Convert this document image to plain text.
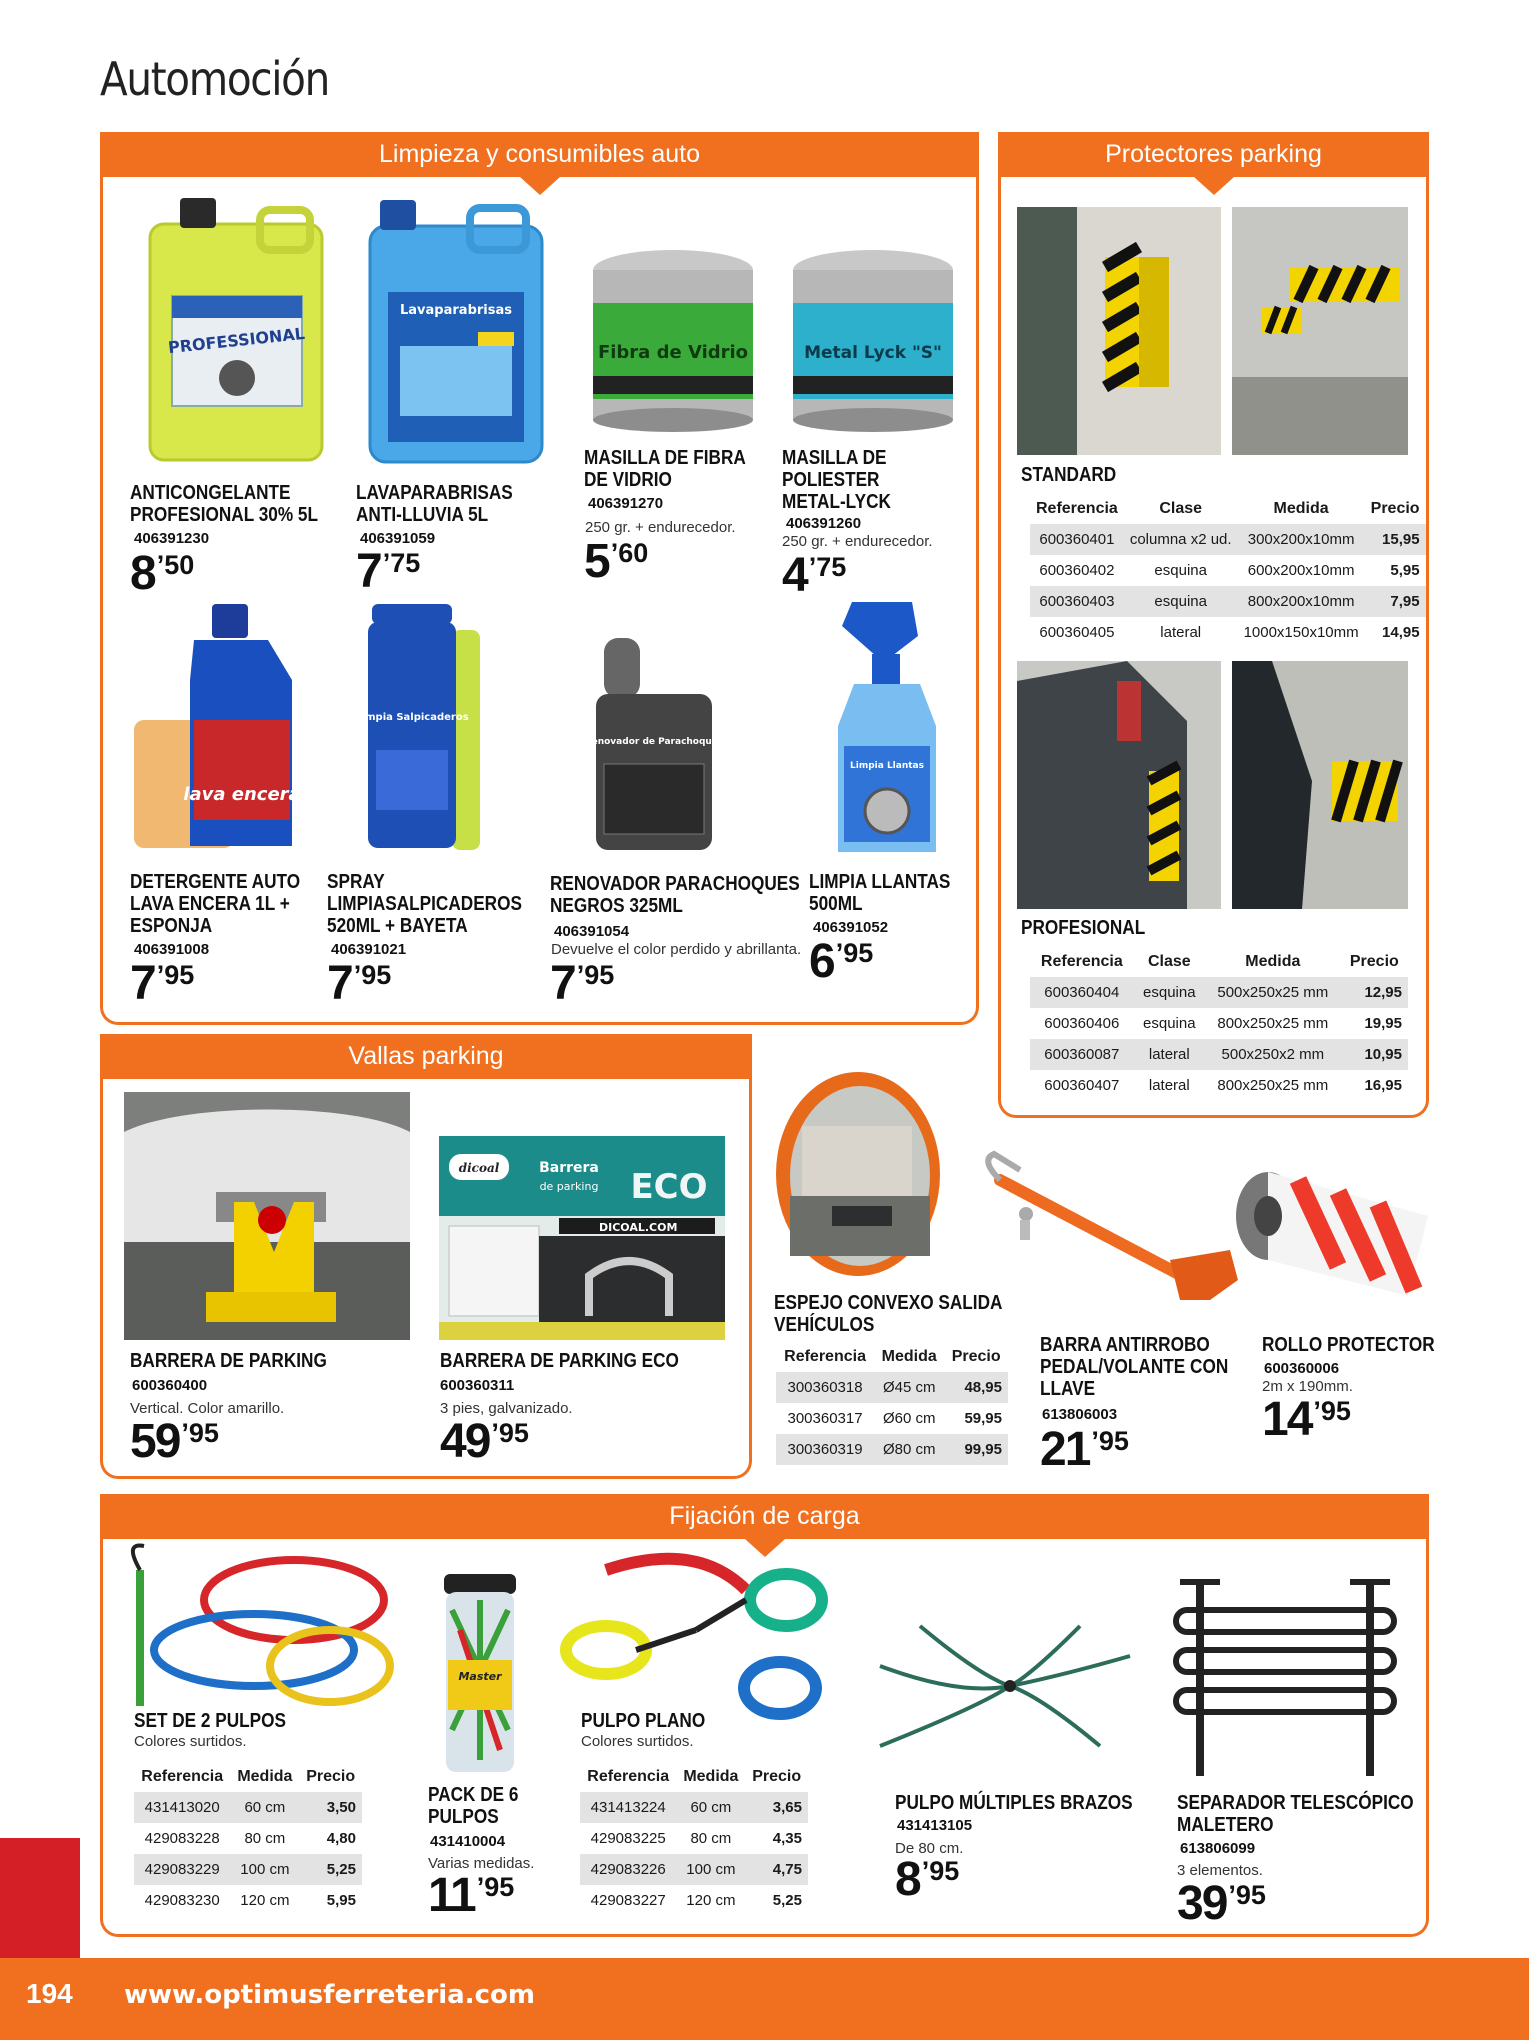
Automoción
Limpieza y consumibles auto
PROFESSIONAL
Lavaparabrisas
Fibra de Vidrio	Metal Lyck "S"
lava encera
Limpia Salpicaderos
Renovador de Parachoques
Limpia Llantas
ANTICONGELANTE
PROFESIONAL 30% 5L
406391230
8 ’50
LAVAPARABRISAS
ANTI-LLUVIA 5L
406391059
7 ’75
MASILLA DE FIBRA
DE VIDRIO
406391270
250 gr. + endurecedor.
5 ’60
MASILLA DE
POLIESTER
METAL-LYCK
406391260
250 gr. + endurecedor.
4 ’75
DETERGENTE AUTO
LAVA ENCERA 1L +
ESPONJA
406391008
7 ’95
SPRAY
LIMPIASALPICADEROS
520ML + BAYETA
406391021
7 ’95
RENOVADOR PARACHOQUES
NEGROS 325ML
406391054
Devuelve el color perdido y abrillanta.
7 ’95
LIMPIA LLANTAS
500ML
406391052
6 ’95
Protectores parking
STANDARD
Referencia	Clase	Medida	Precio
600360401	columna x2 ud.	300x200x10mm	15,95
600360402	esquina	600x200x10mm	5,95
600360403	esquina	800x200x10mm	7,95
600360405	lateral	1000x150x10mm	14,95
PROFESIONAL
Referencia	Clase	Medida	Precio
600360404	esquina	500x250x25 mm	12,95
600360406	esquina	800x250x25 mm	19,95
600360087	lateral	500x250x2 mm	10,95
600360407	lateral	800x250x25 mm	16,95
Vallas parking
dicoal	Barrera
de parking ECO
DICOAL.COM
BARRERA DE PARKING
600360400
Vertical. Color amarillo.
59 ’95
BARRERA DE PARKING ECO
600360311
3 pies, galvanizado.
49 ’95
ESPEJO CONVEXO SALIDA
VEHÍCULOS
Referencia	Medida	Precio
300360318	Ø45 cm	48,95
300360317	Ø60 cm	59,95
300360319	Ø80 cm	99,95
BARRA ANTIRROBO
PEDAL/VOLANTE CON
LLAVE
613806003
21 ’95
ROLLO PROTECTOR
600360006
2m x 190mm.
14 ’95
Fijación de carga
SET DE 2 PULPOS
Colores surtidos.
Referencia	Medida	Precio
431413020	60 cm	3,50
429083228	80 cm	4,80
429083229	100 cm	5,25
429083230	120 cm	5,95
Master
PACK DE 6
PULPOS
431410004
Varias medidas.
11 ’95
PULPO PLANO
Colores surtidos.
Referencia	Medida	Precio
431413224	60 cm	3,65
429083225	80 cm	4,35
429083226	100 cm	4,75
429083227	120 cm	5,25
PULPO MÚLTIPLES BRAZOS
431413105
De 80 cm.
8 ’95
SEPARADOR TELESCÓPICO
MALETERO
613806099
3 elementos.
39 ’95
194 www.optimusferreteria.com
